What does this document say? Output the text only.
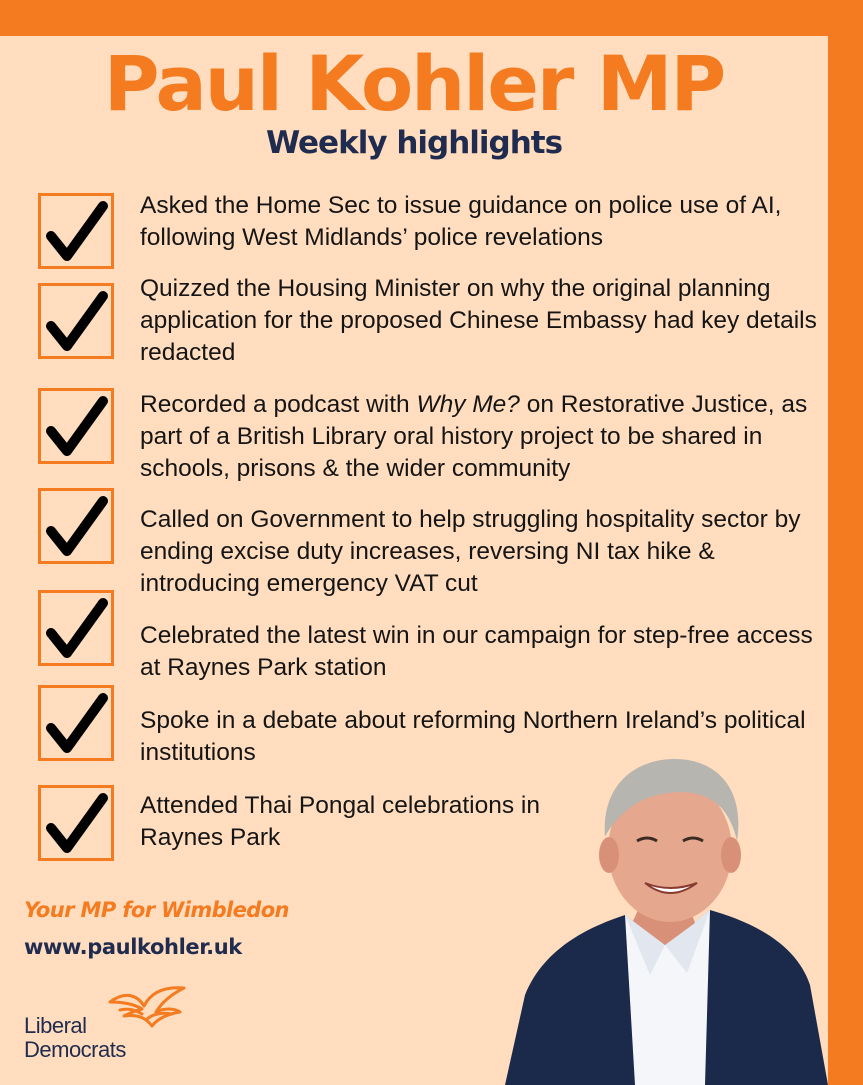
Paul Kohler MP
Weekly highlights
Asked the Home Sec to issue guidance on police use of AI, following West Midlands’ police revelations
Quizzed the Housing Minister on why the original planning application for the proposed Chinese Embassy had key details redacted
Recorded a podcast with Why Me? on Restorative Justice, as part of a British Library oral history project to be shared in schools, prisons & the wider community
Called on Government to help struggling hospitality sector by ending excise duty increases, reversing NI tax hike & introducing emergency VAT cut
Celebrated the latest win in our campaign for step-free access at Raynes Park station
Spoke in a debate about reforming Northern Ireland’s political institutions
Attended Thai Pongal celebrations in Raynes Park
Your MP for Wimbledon
www.paulkohler.uk
Liberal
Democrats
